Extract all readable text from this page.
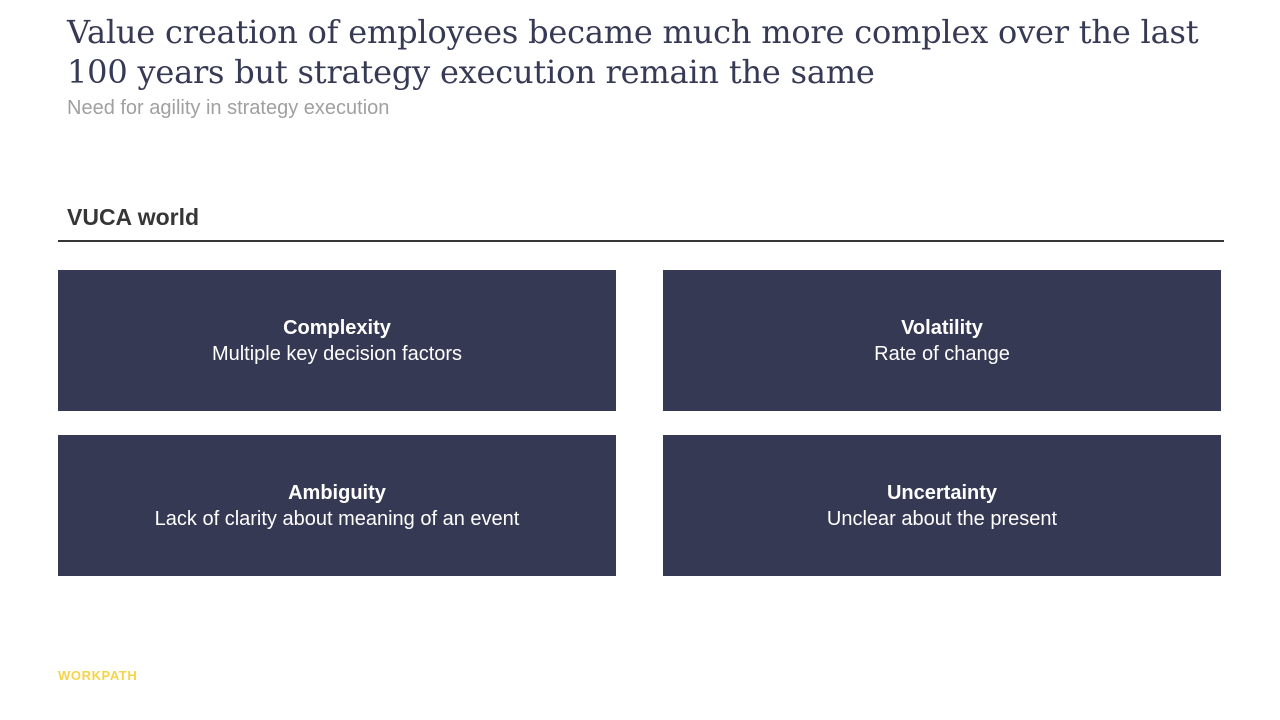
Value creation of employees became much more complex over the last 100 years but strategy execution remain the same

Need for agility in strategy execution

VUCA world
Complexity
Multiple key decision factors
Volatility
Rate of change
Ambiguity
Lack of clarity about meaning of an event
Uncertainty
Unclear about the present
WORKPATH
